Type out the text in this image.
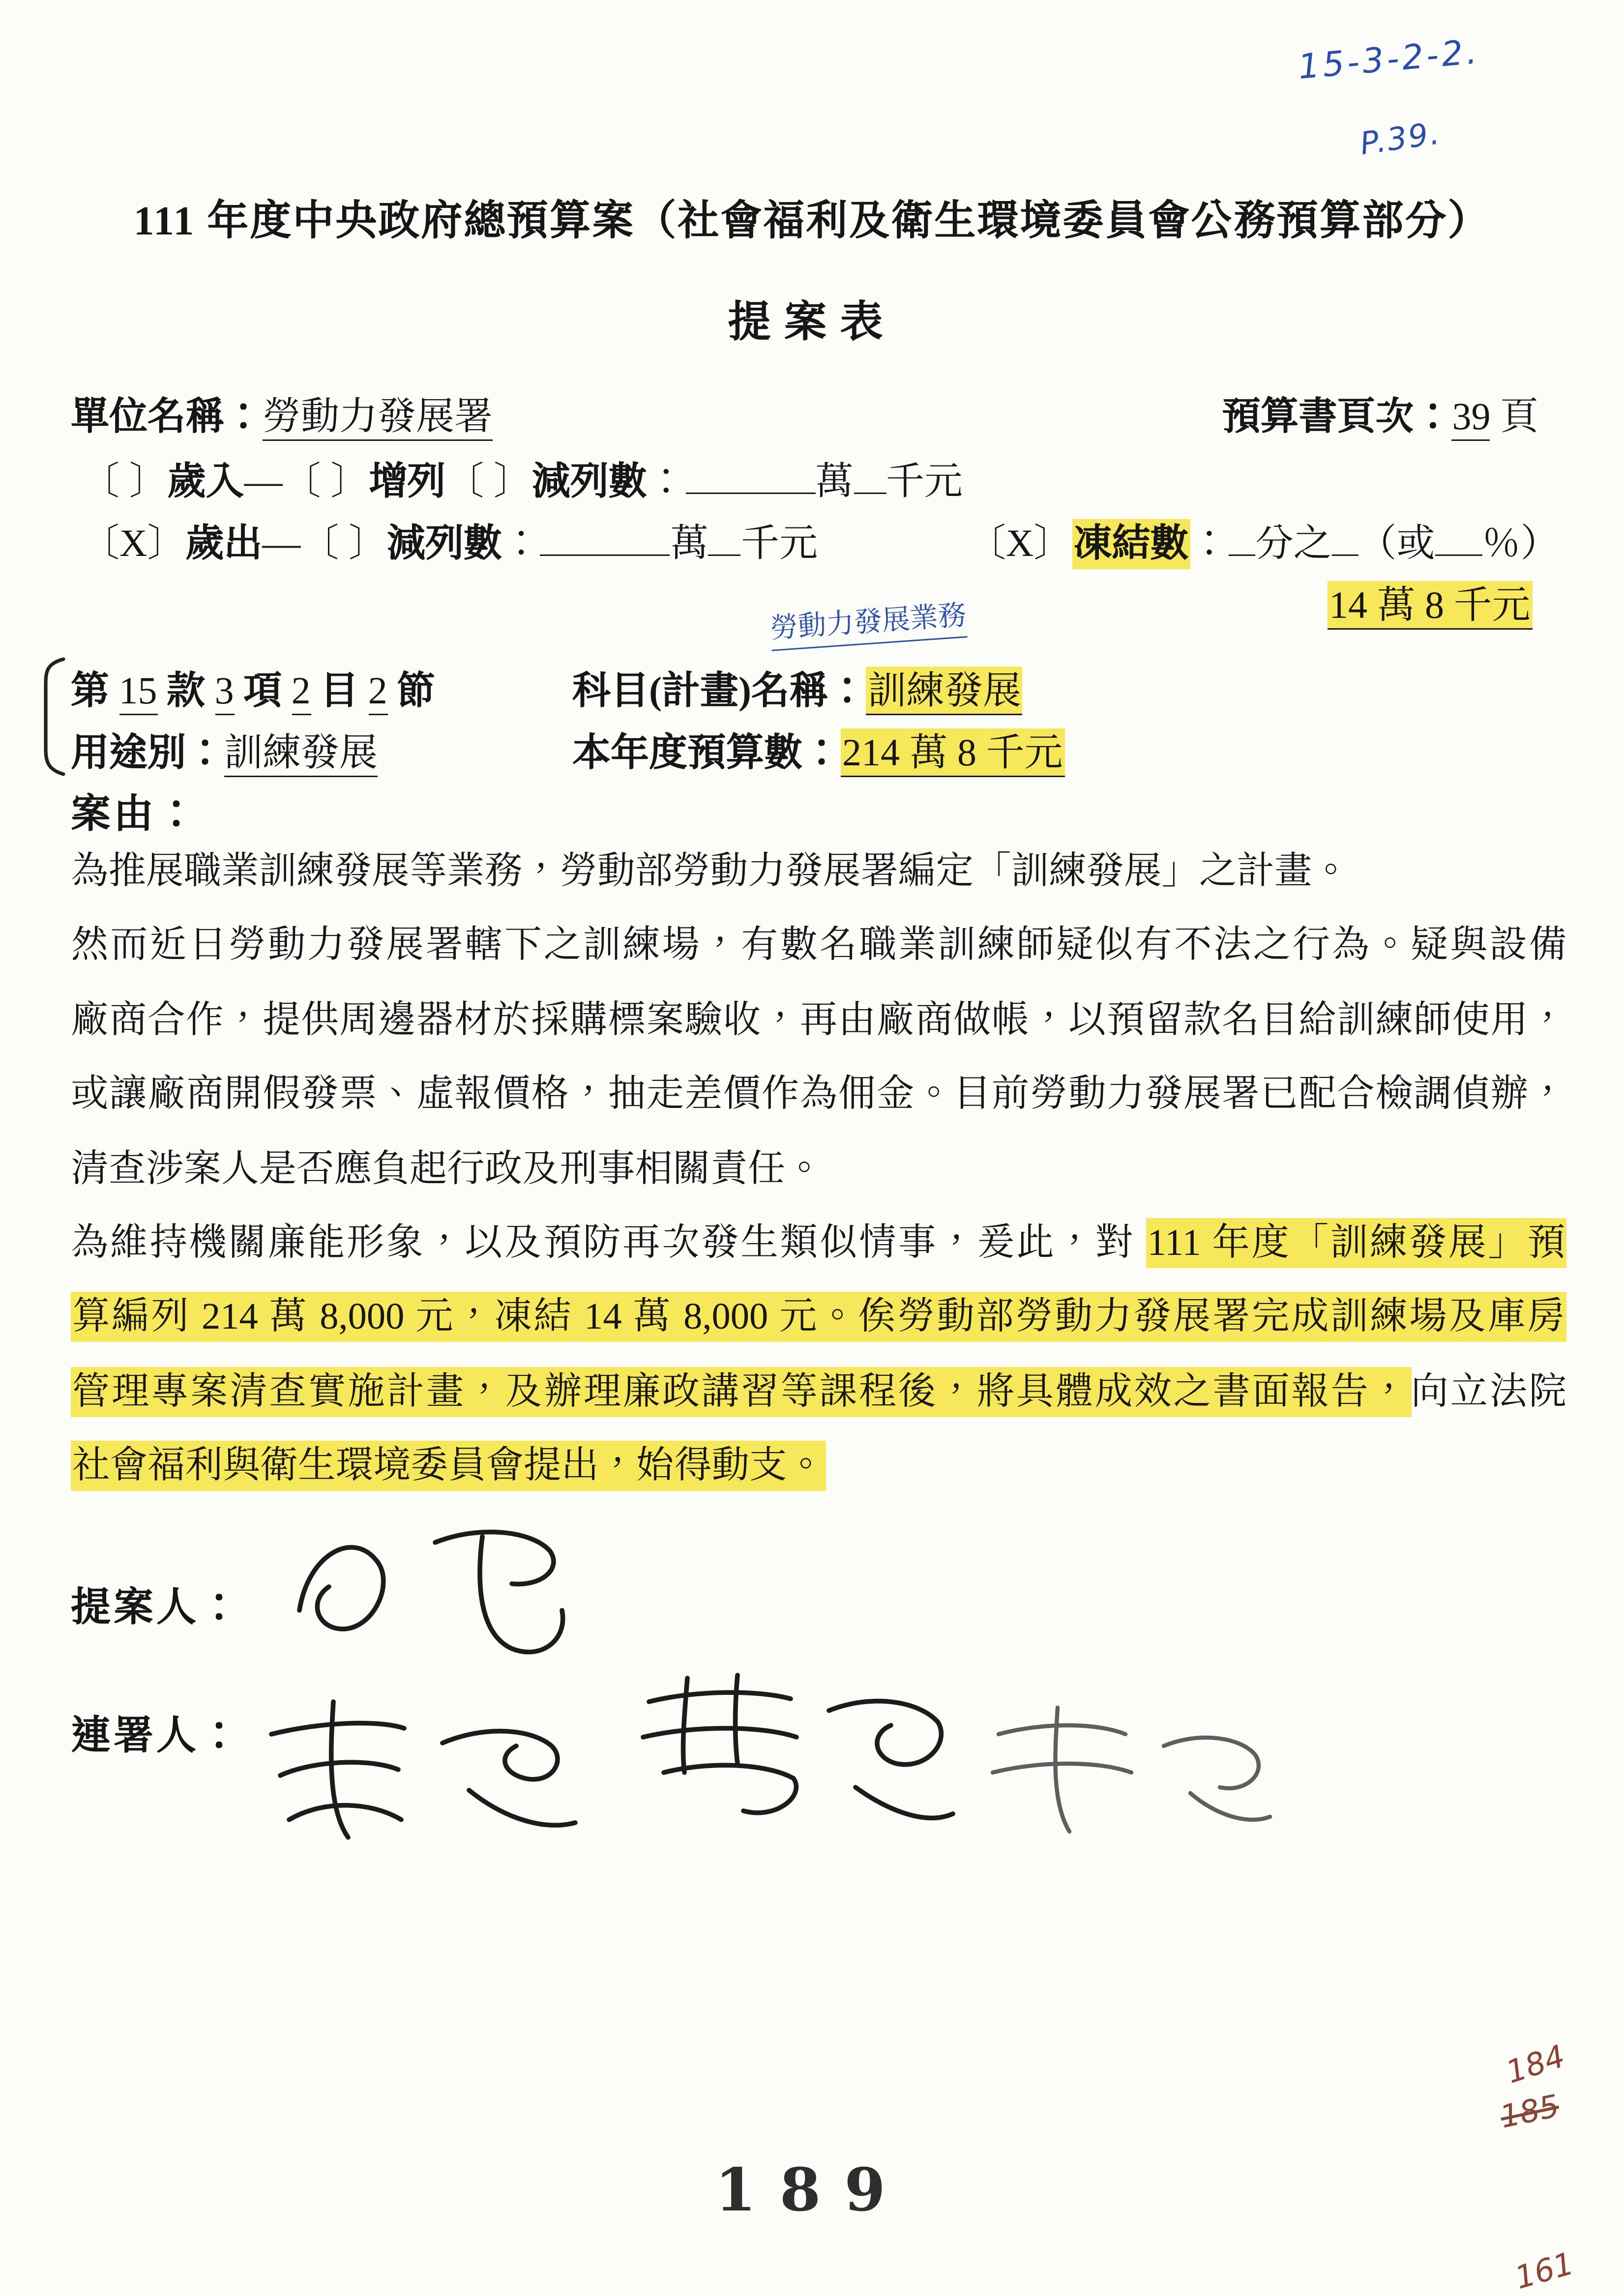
15-3-2-2.
P.39.
111 年度中央政府總預算案（社會福利及衛生環境委員會公務預算部分）
提案表
單位名稱：勞動力發展署	預算書頁次：39 頁
〔 〕歲入—〔 〕增列〔 〕減列數：	萬	千元
〔X〕歲出—〔 〕減列數：	萬	千元	〔X〕 凍結數 ： 分之 （或	％）
14 萬 8 千元
勞動力發展業務
第 15 款 3 項 2 目 2 節	科目(計畫)名稱： 訓練發展
用途別：訓練發展	本年度預算數： 214 萬 8 千元
案由：
為推展職業訓練發展等業務，勞動部勞動力發展署編定「訓練發展」之計畫。
然而近日勞動力發展署轄下之訓練場，有數名職業訓練師疑似有不法之行為。疑與設備
廠商合作，提供周邊器材於採購標案驗收，再由廠商做帳，以預留款名目給訓練師使用，
或讓廠商開假發票、虛報價格，抽走差價作為佣金。目前勞動力發展署已配合檢調偵辦，
清查涉案人是否應負起行政及刑事相關責任。
為維持機關廉能形象，以及預防再次發生類似情事，爰此，對 111 年度「訓練發展」預
算編列 214 萬 8,000 元，凍結 14 萬 8,000 元。俟勞動部勞動力發展署完成訓練場及庫房
管理專案清查實施計畫，及辦理廉政講習等課程後，將具體成效之書面報告， 向立法院
社會福利與衛生環境委員會提出，始得動支。
提案人：
連署人：
189
184
185
161
